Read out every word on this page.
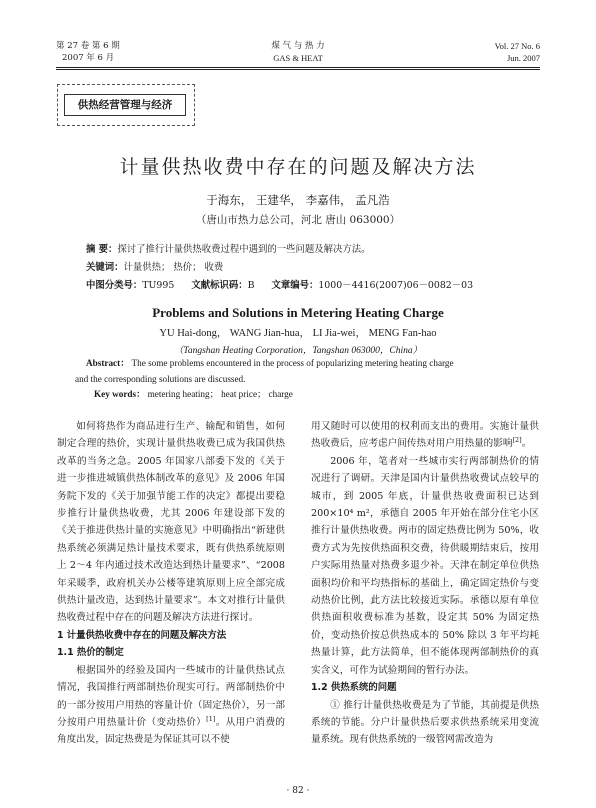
第 27 卷 第 6 期
2007 年 6 月
煤 气 与 热 力
GAS & HEAT
Vol. 27 No. 6
Jun. 2007
供热经营管理与经济
计量供热收费中存在的问题及解决方法
于海东， 王建华， 李嘉伟， 孟凡浩
（唐山市热力总公司，河北 唐山 063000）
摘 要：探讨了推行计量供热收费过程中遇到的一些问题及解决方法。
关键词：计量供热； 热价； 收费
中图分类号：TU995 文献标识码：B 文章编号：1000－4416(2007)06－0082－03
Problems and Solutions in Metering Heating Charge
YU Hai-dong， WANG Jian-hua， LI Jia-wei， MENG Fan-hao
（Tangshan Heating Corporation，Tangshan 063000，China）
Abstract： The some problems encountered in the process of popularizing metering heating charge
and the corresponding solutions are discussed.
Key words： metering heating； heat price； charge

如何将热作为商品进行生产、输配和销售，如何制定合理的热价，实现计量供热收费已成为我国供热改革的当务之急。2005 年国家八部委下发的《关于进一步推进城镇供热体制改革的意见》及 2006 年国务院下发的《关于加强节能工作的决定》都提出要稳步推行计量供热收费，尤其 2006 年建设部下发的《关于推进供热计量的实施意见》中明确指出“新建供热系统必须满足热计量技术要求，既有供热系统原则上 2～4 年内通过技术改造达到热计量要求”、“2008 年采暖季，政府机关办公楼等建筑原则上应全部完成供热计量改造，达到热计量要求”。本文对推行计量供热收费过程中存在的问题及解决方法进行探讨。

1 计量供热收费中存在的问题及解决方法
1.1 热价的制定

根据国外的经验及国内一些城市的计量供热试点情况，我国推行两部制热价现实可行。两部制热价中的一部分按用户用热的容量计价（固定热价），另一部分按用户用热量计价（变动热价）[1]。从用户消费的角度出发，固定热费是为保证其可以不使

用又随时可以使用的权利而支出的费用。实施计量供热收费后，应考虑户间传热对用户用热量的影响[2]。

2006 年，笔者对一些城市实行两部制热价的情况进行了调研。天津是国内计量供热收费试点较早的城市，到 2005 年底，计量供热收费面积已达到 200×10⁴ m²，承德自 2005 年开始在部分住宅小区推行计量供热收费。两市的固定热费比例为 50%，收费方式为先按供热面积交费，待供暖期结束后，按用户实际用热量对热费多退少补。天津在制定单位供热面积均价和平均热指标的基础上，确定固定热价与变动热价比例，此方法比较接近实际。承德以原有单位供热面积收费标准为基数，设定其 50% 为固定热价，变动热价按总供热成本的 50% 除以 3 年平均耗热量计算，此方法简单，但不能体现两部制热价的真实含义，可作为试验期间的暂行办法。

1.2 供热系统的问题

① 推行计量供热收费是为了节能，其前提是供热系统的节能。分户计量供热后要求供热系统采用变流量系统。现有供热系统的一级管网需改造为

· 82 ·
